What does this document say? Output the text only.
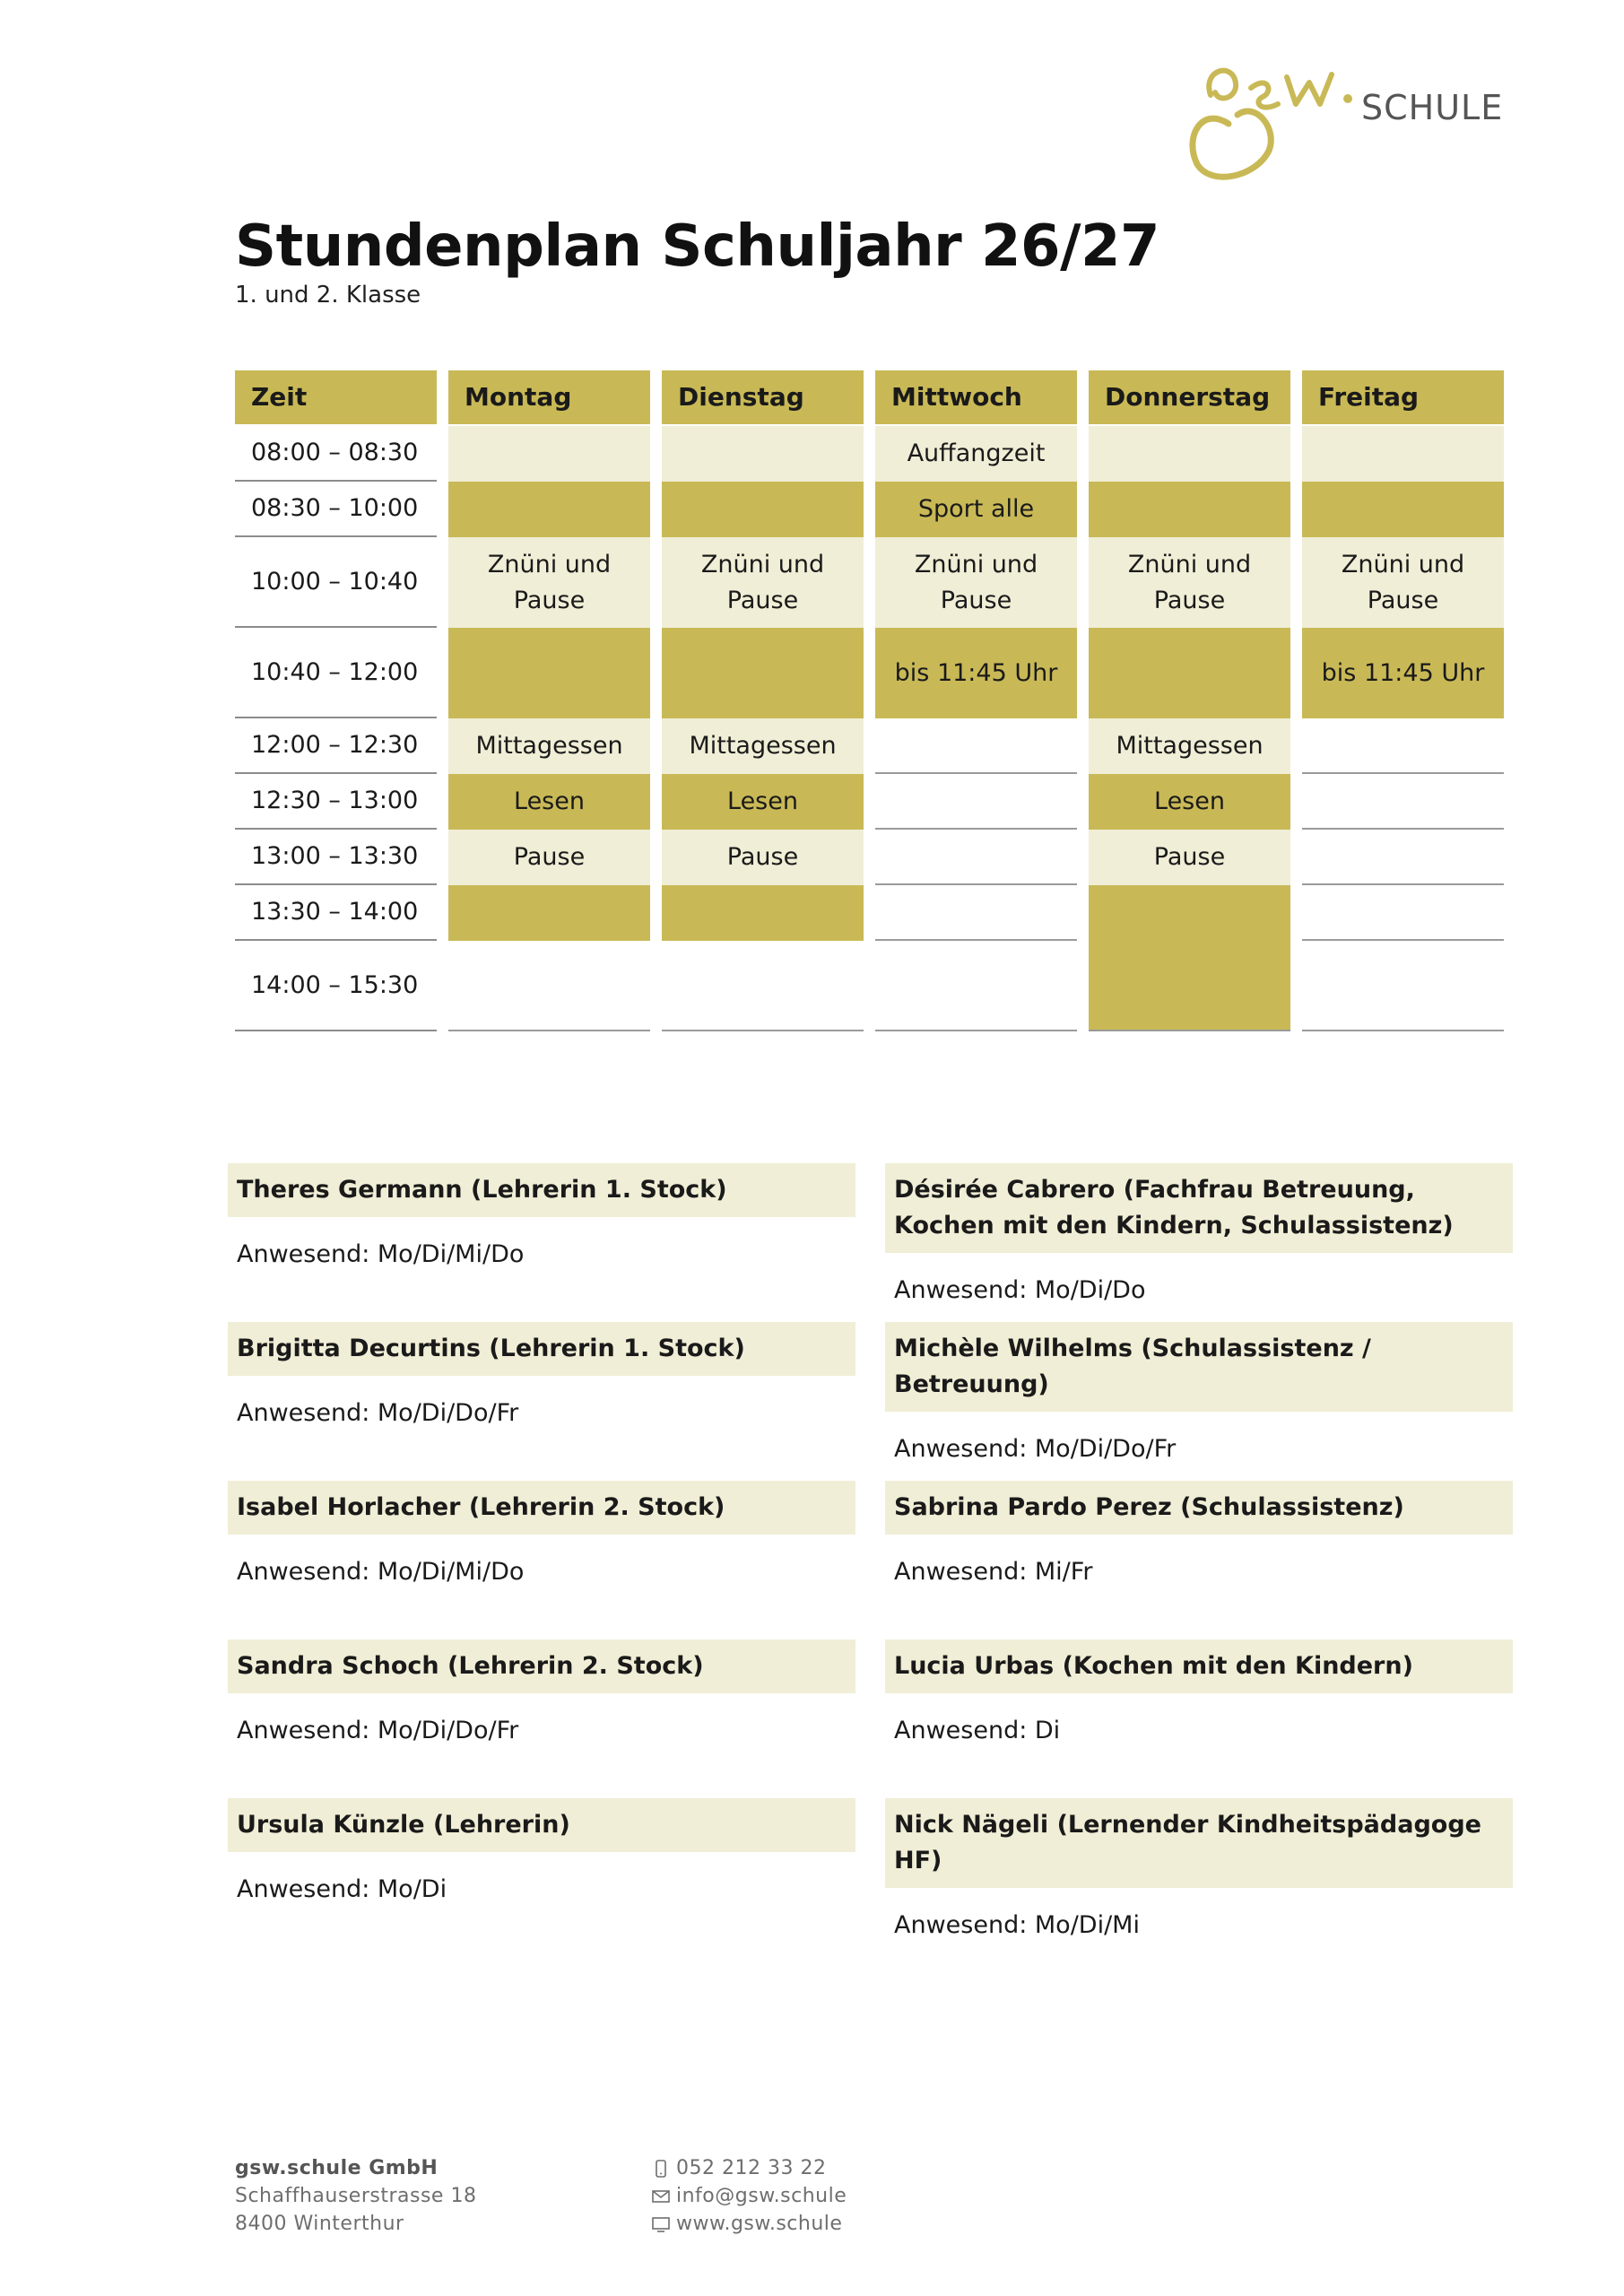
SCHULE
Stundenplan Schuljahr 26/27
1. und 2. Klasse
Zeit
08:00 – 08:30
08:30 – 10:00
10:00 – 10:40
10:40 – 12:00
12:00 – 12:30
12:30 – 13:00
13:00 – 13:30
13:30 – 14:00
14:00 – 15:30
Montag
Znüni und
Pause
Mittagessen
Lesen
Pause
Dienstag
Znüni und
Pause
Mittagessen
Lesen
Pause
Mittwoch
Auffangzeit
Sport alle
Znüni und
Pause
bis 11:45 Uhr
Donnerstag
Znüni und
Pause
Mittagessen
Lesen
Pause
Freitag
Znüni und
Pause
bis 11:45 Uhr
Theres Germann (Lehrerin 1. Stock)
Anwesend: Mo/Di/Mi/Do
Désirée Cabrero (Fachfrau Betreuung, Kochen mit den Kindern, Schulassistenz)
Anwesend: Mo/Di/Do
Brigitta Decurtins (Lehrerin 1. Stock)
Anwesend: Mo/Di/Do/Fr
Michèle Wilhelms (Schulassistenz / Betreuung)
Anwesend: Mo/Di/Do/Fr
Isabel Horlacher (Lehrerin 2. Stock)
Anwesend: Mo/Di/Mi/Do
Sabrina Pardo Perez (Schulassistenz)
Anwesend: Mi/Fr
Sandra Schoch (Lehrerin 2. Stock)
Anwesend: Mo/Di/Do/Fr
Lucia Urbas (Kochen mit den Kindern)
Anwesend: Di
Ursula Künzle (Lehrerin)
Anwesend: Mo/Di
Nick Nägeli (Lernender Kindheitspädagoge HF)
Anwesend: Mo/Di/Mi
gsw.schule GmbH
Schaffhauserstrasse 18
8400 Winterthur
052 212 33 22
info@gsw.schule
www.gsw.schule
